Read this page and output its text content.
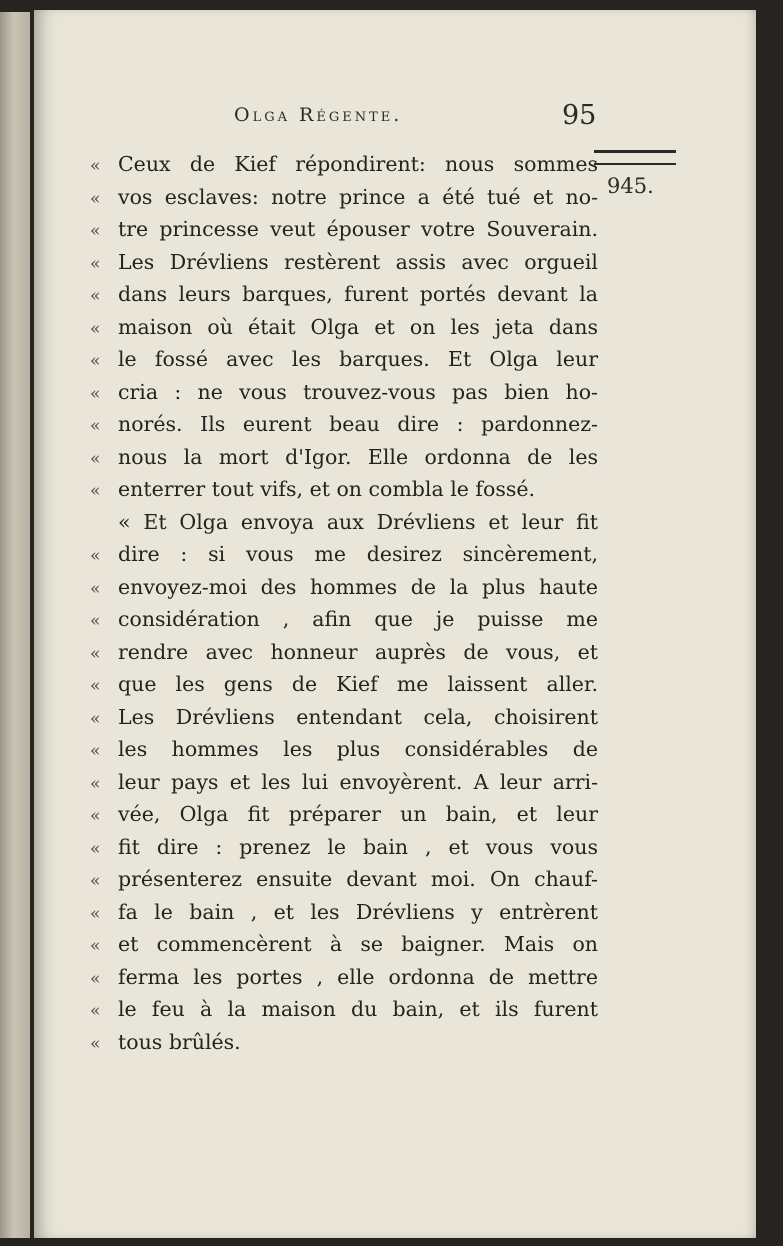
Olga Régente.	95
945.
« Ceux de Kief répondirent: nous sommes
« vos esclaves: notre prince a été tué et no-
« tre princesse veut épouser votre Souverain.
« Les Drévliens restèrent assis avec orgueil
« dans leurs barques, furent portés devant la
« maison où était Olga et on les jeta dans
« le fossé avec les barques. Et Olga leur
« cria : ne vous trouvez-vous pas bien ho-
« norés. Ils eurent beau dire : pardonnez-
« nous la mort d'Igor. Elle ordonna de les
« enterrer tout vifs, et on combla le fossé.
« Et Olga envoya aux Drévliens et leur fit
« dire : si vous me desirez sincèrement,
« envoyez-moi des hommes de la plus haute
« considération , afin que je puisse me
« rendre avec honneur auprès de vous, et
« que les gens de Kief me laissent aller.
« Les Drévliens entendant cela, choisirent
« les hommes les plus considérables de
« leur pays et les lui envoyèrent. A leur arri-
« vée, Olga fit préparer un bain, et leur
« fit dire : prenez le bain , et vous vous
« présenterez ensuite devant moi. On chauf-
« fa le bain , et les Drévliens y entrèrent
« et commencèrent à se baigner. Mais on
« ferma les portes , elle ordonna de mettre
« le feu à la maison du bain, et ils furent
« tous brûlés.
